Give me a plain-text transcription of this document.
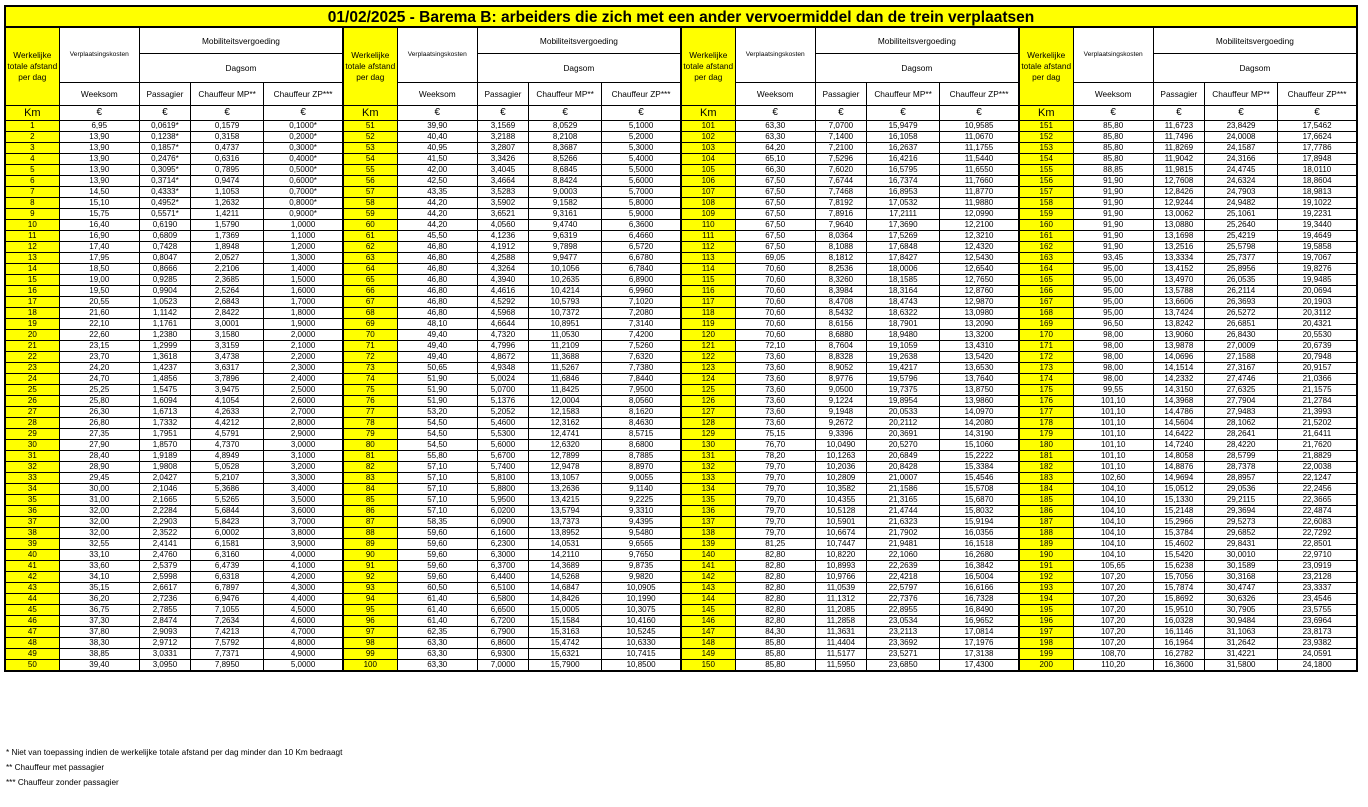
01/02/2025 - Barema B: arbeiders die zich met een ander vervoermiddel dan de trein verplaatsen
Werkelijke totale afstand per dag	Verplaatsingskosten	Mobiliteitsvergoeding			Werkelijke totale afstand per dag	Verplaatsingskosten	Mobiliteitsvergoeding			Werkelijke totale afstand per dag	Verplaatsingskosten	Mobiliteitsvergoeding			Werkelijke totale afstand per dag	Verplaatsingskosten	Mobiliteitsvergoeding		
		Dagsom					Dagsom					Dagsom					Dagsom		
	Weeksom	Passagier	Chauffeur MP**	Chauffeur ZP***		Weeksom	Passagier	Chauffeur MP**	Chauffeur ZP***		Weeksom	Passagier	Chauffeur MP**	Chauffeur ZP***		Weeksom	Passagier	Chauffeur MP**	Chauffeur ZP***
Km	€	€	€	€	Km	€	€	€	€	Km	€	€	€	€	Km	€	€	€	€
1	6,95	0,0619*	0,1579	0,1000*	51	39,90	3,1569	8,0529	5,1000	101	63,30	7,0700	15,9479	10,9585	151	85,80	11,6723	23,8429	17,5462
2	13,90	0,1238*	0,3158	0,2000*	52	40,40	3,2188	8,2108	5,2000	102	63,30	7,1400	16,1058	11,0670	152	85,80	11,7496	24,0008	17,6624
3	13,90	0,1857*	0,4737	0,3000*	53	40,95	3,2807	8,3687	5,3000	103	64,20	7,2100	16,2637	11,1755	153	85,80	11,8269	24,1587	17,7786
4	13,90	0,2476*	0,6316	0,4000*	54	41,50	3,3426	8,5266	5,4000	104	65,10	7,5296	16,4216	11,5440	154	85,80	11,9042	24,3166	17,8948
5	13,90	0,3095*	0,7895	0,5000*	55	42,00	3,4045	8,6845	5,5000	105	66,30	7,6020	16,5795	11,6550	155	88,85	11,9815	24,4745	18,0110
6	13,90	0,3714*	0,9474	0,6000*	56	42,50	3,4664	8,8424	5,6000	106	67,50	7,6744	16,7374	11,7660	156	91,90	12,7608	24,6324	18,8604
7	14,50	0,4333*	1,1053	0,7000*	57	43,35	3,5283	9,0003	5,7000	107	67,50	7,7468	16,8953	11,8770	157	91,90	12,8426	24,7903	18,9813
8	15,10	0,4952*	1,2632	0,8000*	58	44,20	3,5902	9,1582	5,8000	108	67,50	7,8192	17,0532	11,9880	158	91,90	12,9244	24,9482	19,1022
9	15,75	0,5571*	1,4211	0,9000*	59	44,20	3,6521	9,3161	5,9000	109	67,50	7,8916	17,2111	12,0990	159	91,90	13,0062	25,1061	19,2231
10	16,40	0,6190	1,5790	1,0000	60	44,20	4,0560	9,4740	6,3600	110	67,50	7,9640	17,3690	12,2100	160	91,90	13,0880	25,2640	19,3440
11	16,90	0,6809	1,7369	1,1000	61	45,50	4,1236	9,6319	6,4660	111	67,50	8,0364	17,5269	12,3210	161	91,90	13,1698	25,4219	19,4649
12	17,40	0,7428	1,8948	1,2000	62	46,80	4,1912	9,7898	6,5720	112	67,50	8,1088	17,6848	12,4320	162	91,90	13,2516	25,5798	19,5858
13	17,95	0,8047	2,0527	1,3000	63	46,80	4,2588	9,9477	6,6780	113	69,05	8,1812	17,8427	12,5430	163	93,45	13,3334	25,7377	19,7067
14	18,50	0,8666	2,2106	1,4000	64	46,80	4,3264	10,1056	6,7840	114	70,60	8,2536	18,0006	12,6540	164	95,00	13,4152	25,8956	19,8276
15	19,00	0,9285	2,3685	1,5000	65	46,80	4,3940	10,2635	6,8900	115	70,60	8,3260	18,1585	12,7650	165	95,00	13,4970	26,0535	19,9485
16	19,50	0,9904	2,5264	1,6000	66	46,80	4,4616	10,4214	6,9960	116	70,60	8,3984	18,3164	12,8760	166	95,00	13,5788	26,2114	20,0694
17	20,55	1,0523	2,6843	1,7000	67	46,80	4,5292	10,5793	7,1020	117	70,60	8,4708	18,4743	12,9870	167	95,00	13,6606	26,3693	20,1903
18	21,60	1,1142	2,8422	1,8000	68	46,80	4,5968	10,7372	7,2080	118	70,60	8,5432	18,6322	13,0980	168	95,00	13,7424	26,5272	20,3112
19	22,10	1,1761	3,0001	1,9000	69	48,10	4,6644	10,8951	7,3140	119	70,60	8,6156	18,7901	13,2090	169	96,50	13,8242	26,6851	20,4321
20	22,60	1,2380	3,1580	2,0000	70	49,40	4,7320	11,0530	7,4200	120	70,60	8,6880	18,9480	13,3200	170	98,00	13,9060	26,8430	20,5530
21	23,15	1,2999	3,3159	2,1000	71	49,40	4,7996	11,2109	7,5260	121	72,10	8,7604	19,1059	13,4310	171	98,00	13,9878	27,0009	20,6739
22	23,70	1,3618	3,4738	2,2000	72	49,40	4,8672	11,3688	7,6320	122	73,60	8,8328	19,2638	13,5420	172	98,00	14,0696	27,1588	20,7948
23	24,20	1,4237	3,6317	2,3000	73	50,65	4,9348	11,5267	7,7380	123	73,60	8,9052	19,4217	13,6530	173	98,00	14,1514	27,3167	20,9157
24	24,70	1,4856	3,7896	2,4000	74	51,90	5,0024	11,6846	7,8440	124	73,60	8,9776	19,5796	13,7640	174	98,00	14,2332	27,4746	21,0366
25	25,25	1,5475	3,9475	2,5000	75	51,90	5,0700	11,8425	7,9500	125	73,60	9,0500	19,7375	13,8750	175	99,55	14,3150	27,6325	21,1575
26	25,80	1,6094	4,1054	2,6000	76	51,90	5,1376	12,0004	8,0560	126	73,60	9,1224	19,8954	13,9860	176	101,10	14,3968	27,7904	21,2784
27	26,30	1,6713	4,2633	2,7000	77	53,20	5,2052	12,1583	8,1620	127	73,60	9,1948	20,0533	14,0970	177	101,10	14,4786	27,9483	21,3993
28	26,80	1,7332	4,4212	2,8000	78	54,50	5,4600	12,3162	8,4630	128	73,60	9,2672	20,2112	14,2080	178	101,10	14,5604	28,1062	21,5202
29	27,35	1,7951	4,5791	2,9000	79	54,50	5,5300	12,4741	8,5715	129	75,15	9,3396	20,3691	14,3190	179	101,10	14,6422	28,2641	21,6411
30	27,90	1,8570	4,7370	3,0000	80	54,50	5,6000	12,6320	8,6800	130	76,70	10,0490	20,5270	15,1060	180	101,10	14,7240	28,4220	21,7620
31	28,40	1,9189	4,8949	3,1000	81	55,80	5,6700	12,7899	8,7885	131	78,20	10,1263	20,6849	15,2222	181	101,10	14,8058	28,5799	21,8829
32	28,90	1,9808	5,0528	3,2000	82	57,10	5,7400	12,9478	8,8970	132	79,70	10,2036	20,8428	15,3384	182	101,10	14,8876	28,7378	22,0038
33	29,45	2,0427	5,2107	3,3000	83	57,10	5,8100	13,1057	9,0055	133	79,70	10,2809	21,0007	15,4546	183	102,60	14,9694	28,8957	22,1247
34	30,00	2,1046	5,3686	3,4000	84	57,10	5,8800	13,2636	9,1140	134	79,70	10,3582	21,1586	15,5708	184	104,10	15,0512	29,0536	22,2456
35	31,00	2,1665	5,5265	3,5000	85	57,10	5,9500	13,4215	9,2225	135	79,70	10,4355	21,3165	15,6870	185	104,10	15,1330	29,2115	22,3665
36	32,00	2,2284	5,6844	3,6000	86	57,10	6,0200	13,5794	9,3310	136	79,70	10,5128	21,4744	15,8032	186	104,10	15,2148	29,3694	22,4874
37	32,00	2,2903	5,8423	3,7000	87	58,35	6,0900	13,7373	9,4395	137	79,70	10,5901	21,6323	15,9194	187	104,10	15,2966	29,5273	22,6083
38	32,00	2,3522	6,0002	3,8000	88	59,60	6,1600	13,8952	9,5480	138	79,70	10,6674	21,7902	16,0356	188	104,10	15,3784	29,6852	22,7292
39	32,55	2,4141	6,1581	3,9000	89	59,60	6,2300	14,0531	9,6565	139	81,25	10,7447	21,9481	16,1518	189	104,10	15,4602	29,8431	22,8501
40	33,10	2,4760	6,3160	4,0000	90	59,60	6,3000	14,2110	9,7650	140	82,80	10,8220	22,1060	16,2680	190	104,10	15,5420	30,0010	22,9710
41	33,60	2,5379	6,4739	4,1000	91	59,60	6,3700	14,3689	9,8735	141	82,80	10,8993	22,2639	16,3842	191	105,65	15,6238	30,1589	23,0919
42	34,10	2,5998	6,6318	4,2000	92	59,60	6,4400	14,5268	9,9820	142	82,80	10,9766	22,4218	16,5004	192	107,20	15,7056	30,3168	23,2128
43	35,15	2,6617	6,7897	4,3000	93	60,50	6,5100	14,6847	10,0905	143	82,80	11,0539	22,5797	16,6166	193	107,20	15,7874	30,4747	23,3337
44	36,20	2,7236	6,9476	4,4000	94	61,40	6,5800	14,8426	10,1990	144	82,80	11,1312	22,7376	16,7328	194	107,20	15,8692	30,6326	23,4546
45	36,75	2,7855	7,1055	4,5000	95	61,40	6,6500	15,0005	10,3075	145	82,80	11,2085	22,8955	16,8490	195	107,20	15,9510	30,7905	23,5755
46	37,30	2,8474	7,2634	4,6000	96	61,40	6,7200	15,1584	10,4160	146	82,80	11,2858	23,0534	16,9652	196	107,20	16,0328	30,9484	23,6964
47	37,80	2,9093	7,4213	4,7000	97	62,35	6,7900	15,3163	10,5245	147	84,30	11,3631	23,2113	17,0814	197	107,20	16,1146	31,1063	23,8173
48	38,30	2,9712	7,5792	4,8000	98	63,30	6,8600	15,4742	10,6330	148	85,80	11,4404	23,3692	17,1976	198	107,20	16,1964	31,2642	23,9382
49	38,85	3,0331	7,7371	4,9000	99	63,30	6,9300	15,6321	10,7415	149	85,80	11,5177	23,5271	17,3138	199	108,70	16,2782	31,4221	24,0591
50	39,40	3,0950	7,8950	5,0000	100	63,30	7,0000	15,7900	10,8500	150	85,80	11,5950	23,6850	17,4300	200	110,20	16,3600	31,5800	24,1800
* Niet van toepassing indien de werkelijke totale afstand per dag minder dan 10 Km bedraagt
** Chauffeur met passagier
*** Chauffeur zonder passagier
